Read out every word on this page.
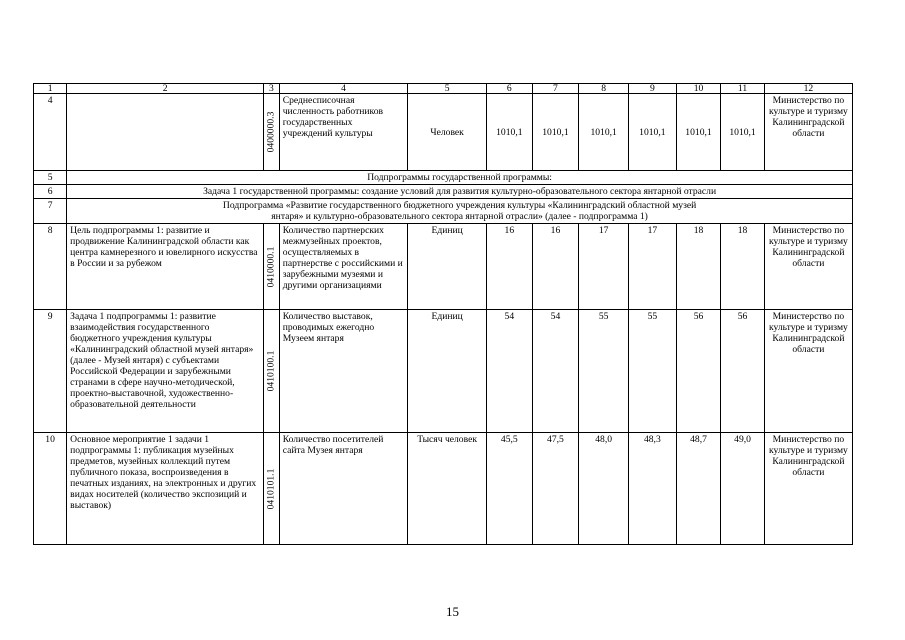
1	2	3	4	5	6	7	8	9	10	11	12
4		0400000.3	Среднесписочная численность работников государственных учреждений культуры	Человек	1010,1	1010,1	1010,1	1010,1	1010,1	1010,1	Министерство по культуре и туризму Калининградской области
5	Подпрограммы государственной программы:										
6	Задача 1 государственной программы: создание условий для развития культурно-образовательного сектора янтарной отрасли										
7	Подпрограмма «Развитие государственного бюджетного учреждения культуры «Калининградский областной музей янтаря» и культурно-образовательного сектора янтарной отрасли» (далее - подпрограмма 1)										
8	Цель подпрограммы 1: развитие и продвижение Калининградской области как центра камнерезного и ювелирного искусства в России и за рубежом	0410000.1	Количество партнерских межмузейных проектов, осуществляемых в партнерстве с российскими и зарубежными музеями и другими организациями	Единиц	16	16	17	17	18	18	Министерство по культуре и туризму Калининградской области
9	Задача 1 подпрограммы 1: развитие взаимодействия государственного бюджетного учреждения культуры «Калининградский областной музей янтаря» (далее - Музей янтаря) с субъектами Российской Федерации и зарубежными странами в сфере научно-методической, проектно-выставочной, художественно-образовательной деятельности	0410100.1	Количество выставок, проводимых ежегодно Музеем янтаря	Единиц	54	54	55	55	56	56	Министерство по культуре и туризму Калининградской области
10	Основное мероприятие 1 задачи 1 подпрограммы 1: публикация музейных предметов, музейных коллекций путем публичного показа, воспроизведения в печатных изданиях, на электронных и других видах носителей (количество экспозиций и выставок)	0410101.1	Количество посетителей сайта Музея янтаря	Тысяч человек	45,5	47,5	48,0	48,3	48,7	49,0	Министерство по культуре и туризму Калининградской области
15
